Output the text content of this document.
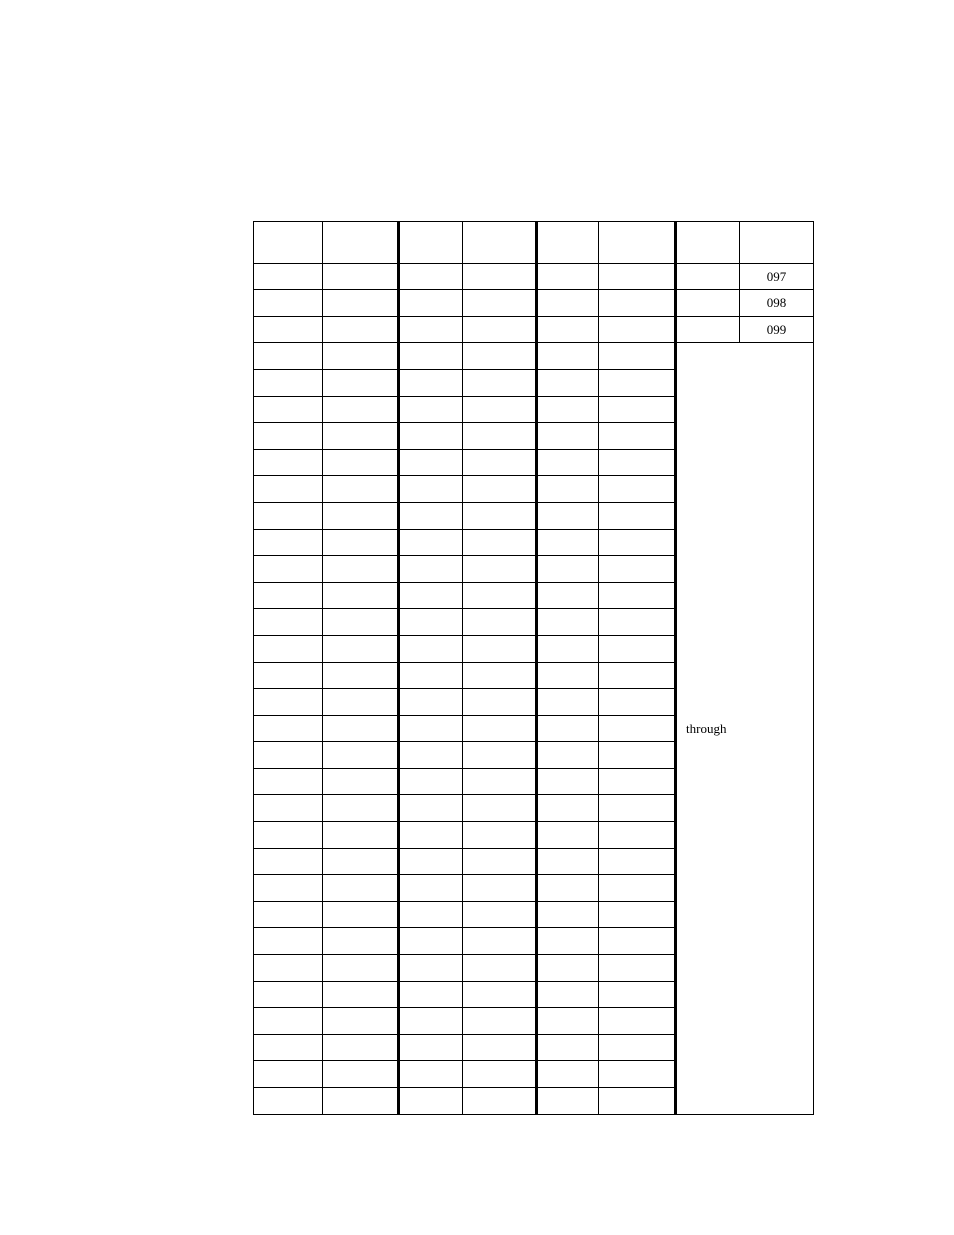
							097
							098
							099
						through	
